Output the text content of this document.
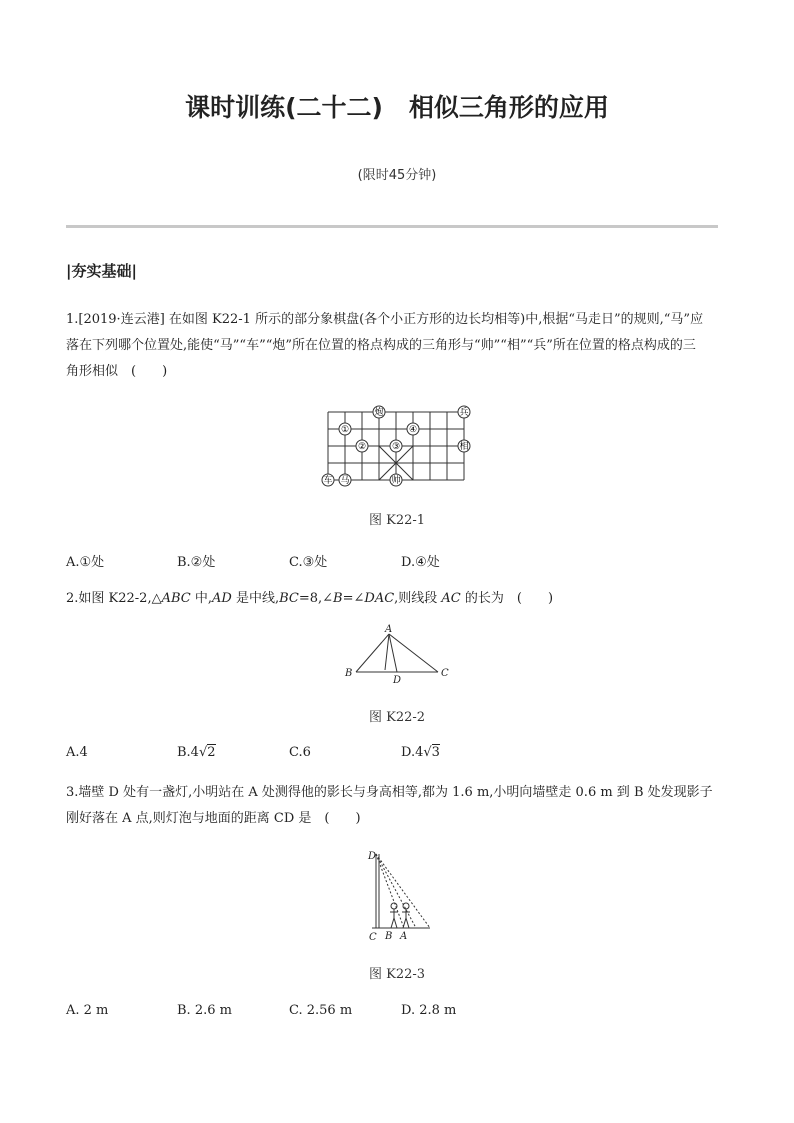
课时训练(二十二) 相似三角形的应用
(限时45分钟)
|夯实基础|
1.[2019·连云港] 在如图 K22-1 所示的部分象棋盘(各个小正方形的边长均相等)中,根据“马走日”的规则,“马”应
落在下列哪个位置处,能使“马”“车”“炮”所在位置的格点构成的三角形与“帅”“相”“兵”所在位置的格点构成的三
角形相似　(　　)
炮	兵
相
车 马	帅
①
②	③
④
图 K22-1
A.①处	B.②处	C.③处	D.④处
2.如图 K22-2,△ABC 中,AD 是中线,BC=8,∠B=∠DAC,则线段 AC 的长为　(　　)
A
B	C
D
图 K22-2
A.4	B.4√2	C.6	D.4√3
3.墙壁 D 处有一盏灯,小明站在 A 处测得他的影长与身高相等,都为 1.6 m,小明向墙壁走 0.6 m 到 B 处发现影子
刚好落在 A 点,则灯泡与地面的距离 CD 是　(　　)
D
C B A
图 K22-3
A. 2 m	B. 2.6 m	C. 2.56 m	D. 2.8 m
